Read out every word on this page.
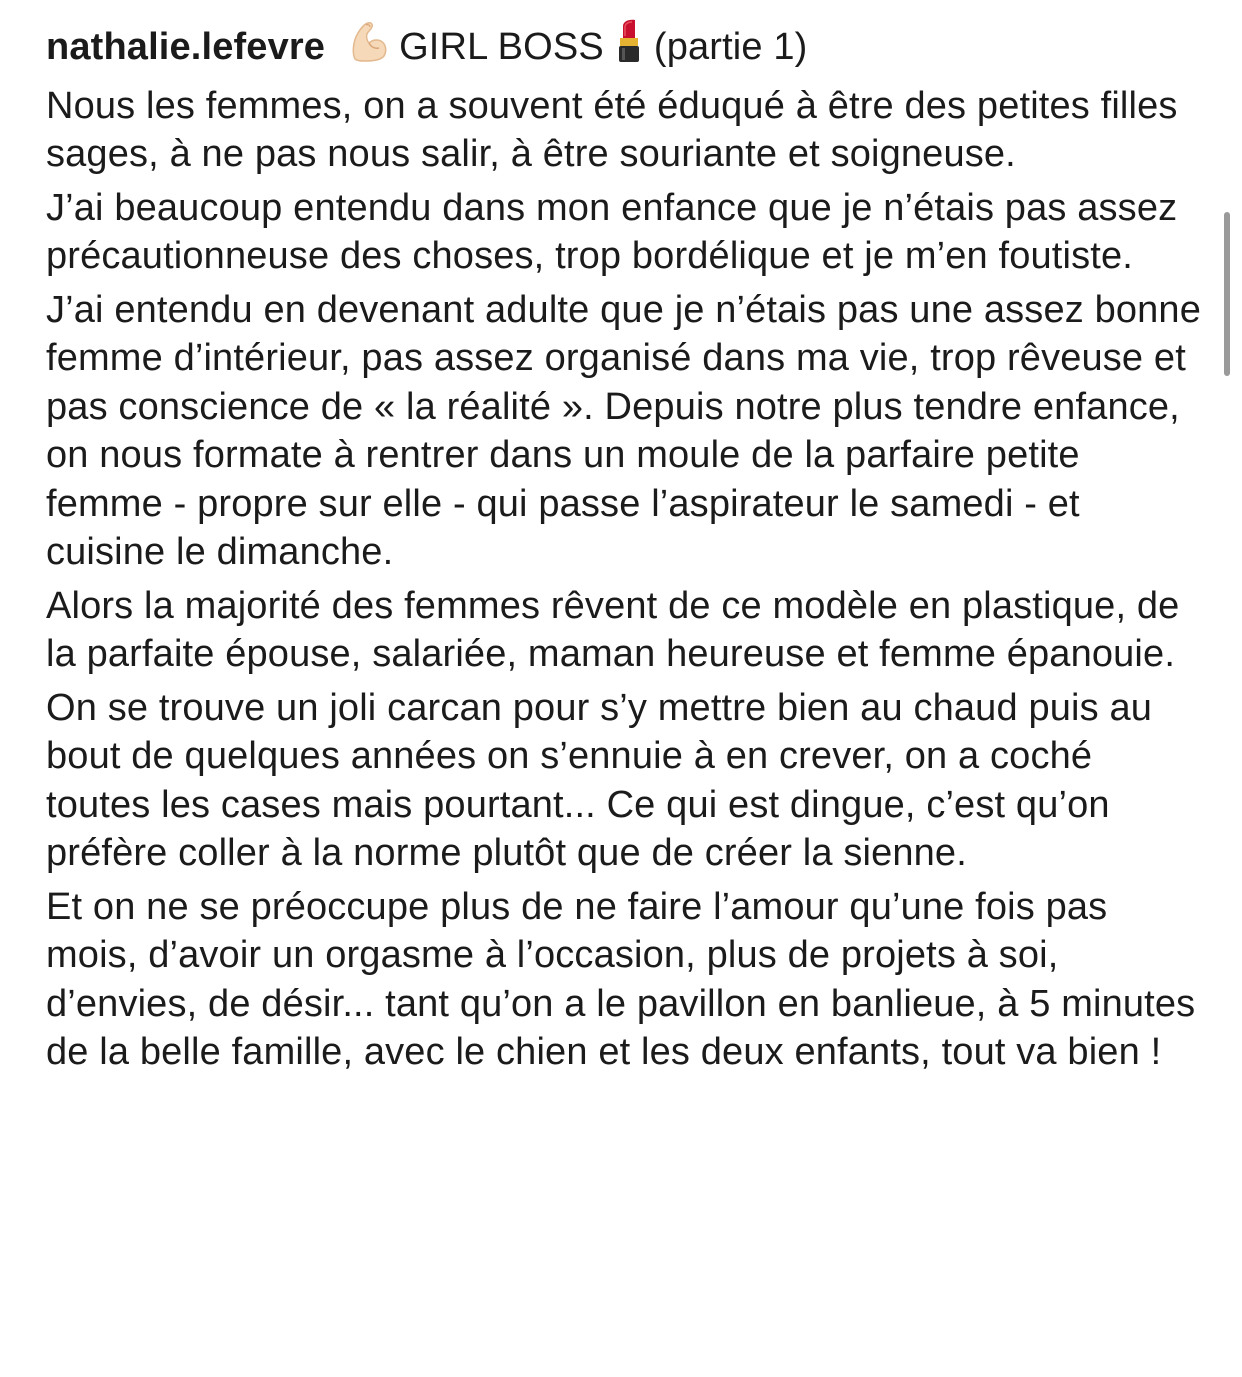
nathalie.lefevre GIRL BOSS (partie 1)

Nous les femmes, on a souvent été éduqué à être des petites filles sages, à ne pas nous salir, à être souriante et soigneuse.

J’ai beaucoup entendu dans mon enfance que je n’étais pas assez précautionneuse des choses, trop bordélique et je m’en foutiste.

J’ai entendu en devenant adulte que je n’étais pas une assez bonne femme d’intérieur, pas assez organisé dans ma vie, trop rêveuse et pas conscience de « la réalité ». Depuis notre plus tendre enfance, on nous formate à rentrer dans un moule de la parfaire petite femme - propre sur elle - qui passe l’aspirateur le samedi - et cuisine le dimanche.

Alors la majorité des femmes rêvent de ce modèle en plastique, de la parfaite épouse, salariée, maman heureuse et femme épanouie.

On se trouve un joli carcan pour s’y mettre bien au chaud puis au bout de quelques années on s’ennuie à en crever, on a coché toutes les cases mais pourtant... Ce qui est dingue, c’est qu’on préfère coller à la norme plutôt que de créer la sienne.

Et on ne se préoccupe plus de ne faire l’amour qu’une fois pas mois, d’avoir un orgasme à l’occasion, plus de projets à soi, d’envies, de désir... tant qu’on a le pavillon en banlieue, à 5 minutes de la belle famille, avec le chien et les deux enfants, tout va bien !
